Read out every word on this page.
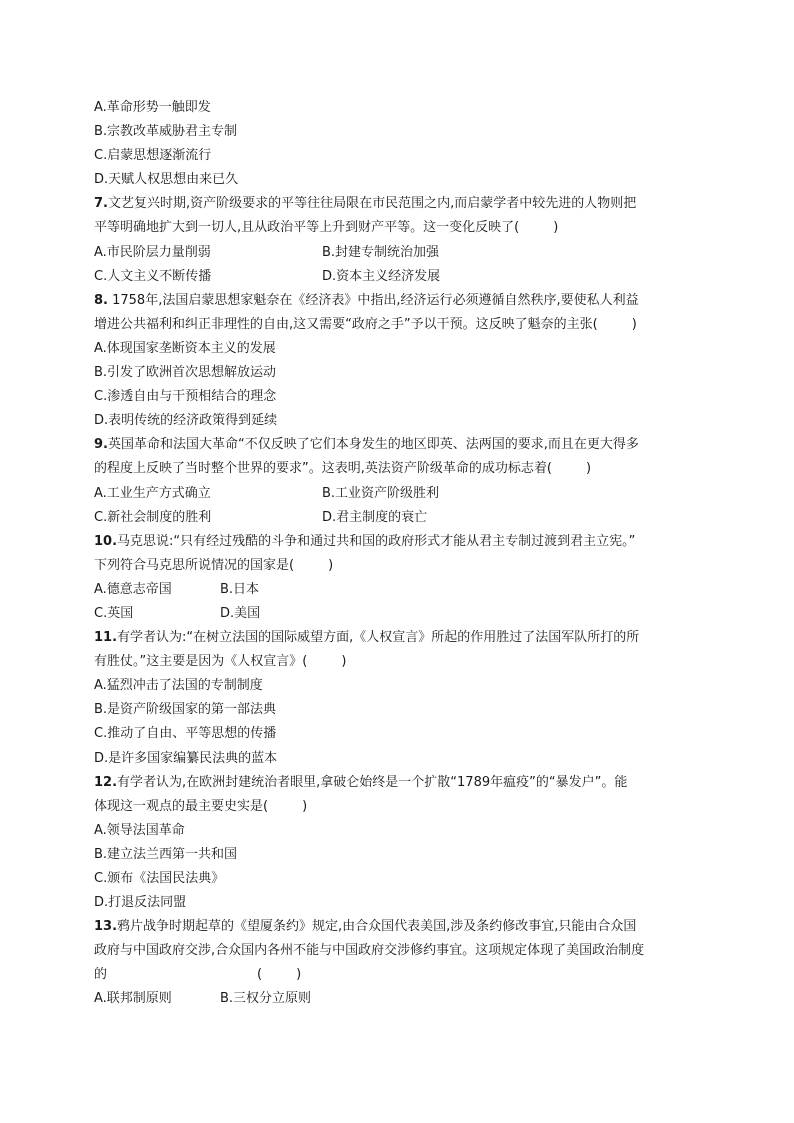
A.革命形势一触即发
B.宗教改革威胁君主专制
C.启蒙思想逐渐流行
D.天赋人权思想由来已久
7.文艺复兴时期,资产阶级要求的平等往往局限在市民范围之内,而启蒙学者中较先进的人物则把
平等明确地扩大到一切人,且从政治平等上升到财产平等。这一变化反映了(	)
A.市民阶层力量削弱	B.封建专制统治加强
C.人文主义不断传播	D.资本主义经济发展
8. 1758年,法国启蒙思想家魁奈在《经济表》中指出,经济运行必须遵循自然秩序,要使私人利益
增进公共福利和纠正非理性的自由,这又需要“政府之手”予以干预。这反映了魁奈的主张(	)
A.体现国家垄断资本主义的发展
B.引发了欧洲首次思想解放运动
C.渗透自由与干预相结合的理念
D.表明传统的经济政策得到延续
9.英国革命和法国大革命“不仅反映了它们本身发生的地区即英、法两国的要求,而且在更大得多
的程度上反映了当时整个世界的要求”。这表明,英法资产阶级革命的成功标志着(	)
A.工业生产方式确立	B.工业资产阶级胜利
C.新社会制度的胜利	D.君主制度的衰亡
10.马克思说:“只有经过残酷的斗争和通过共和国的政府形式才能从君主专制过渡到君主立宪。”
下列符合马克思所说情况的国家是(	)
A.德意志帝国	B.日本
C.英国	D.美国
11.有学者认为:“在树立法国的国际威望方面,《人权宣言》所起的作用胜过了法国军队所打的所
有胜仗。”这主要是因为《人权宣言》(	)
A.猛烈冲击了法国的专制制度
B.是资产阶级国家的第一部法典
C.推动了自由、平等思想的传播
D.是许多国家编纂民法典的蓝本
12.有学者认为,在欧洲封建统治者眼里,拿破仑始终是一个扩散“1789年瘟疫”的“暴发户”。能
体现这一观点的最主要史实是(	)
A.领导法国革命
B.建立法兰西第一共和国
C.颁布《法国民法典》
D.打退反法同盟
13.鸦片战争时期起草的《望厦条约》规定,由合众国代表美国,涉及条约修改事宜,只能由合众国
政府与中国政府交涉,合众国内各州不能与中国政府交涉修约事宜。这项规定体现了美国政治制度
的	(	)
A.联邦制原则	B.三权分立原则
